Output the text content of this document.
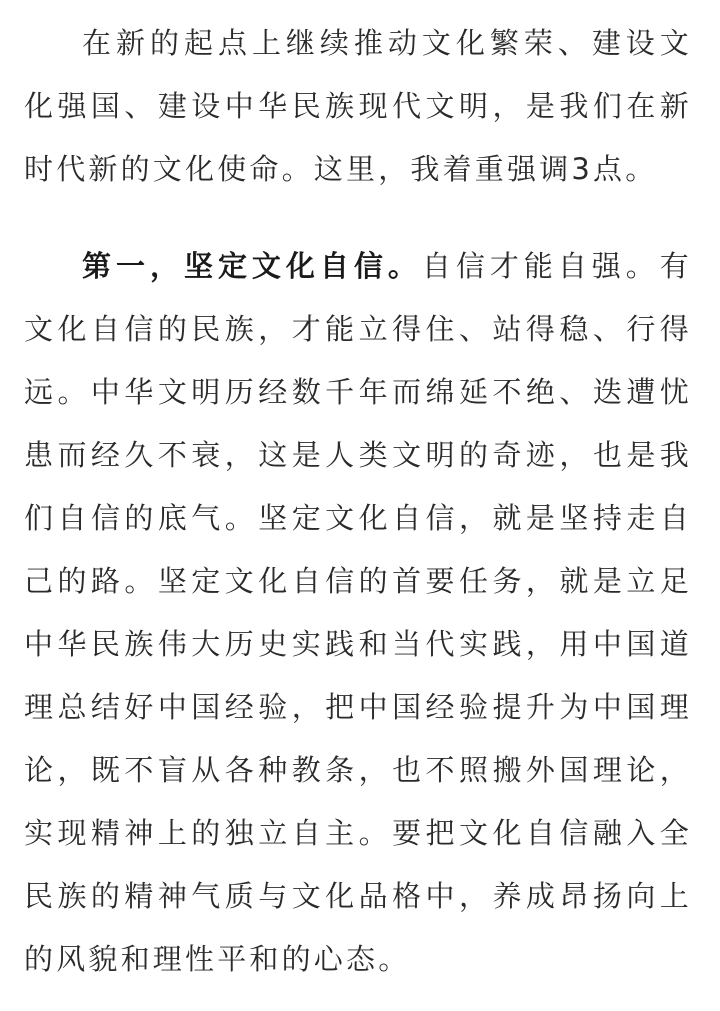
在新的起点上继续推动文化繁荣、建设文化强国、建设中华民族现代文明，是我们在新时代新的文化使命。这里，我着重强调3点。

第一，坚定文化自信。自信才能自强。有文化自信的民族，才能立得住、站得稳、行得远。中华文明历经数千年而绵延不绝、迭遭忧患而经久不衰，这是人类文明的奇迹，也是我们自信的底气。坚定文化自信，就是坚持走自己的路。坚定文化自信的首要任务，就是立足中华民族伟大历史实践和当代实践，用中国道理总结好中国经验，把中国经验提升为中国理论，既不盲从各种教条，也不照搬外国理论，实现精神上的独立自主。要把文化自信融入全民族的精神气质与文化品格中，养成昂扬向上的风貌和理性平和的心态。
